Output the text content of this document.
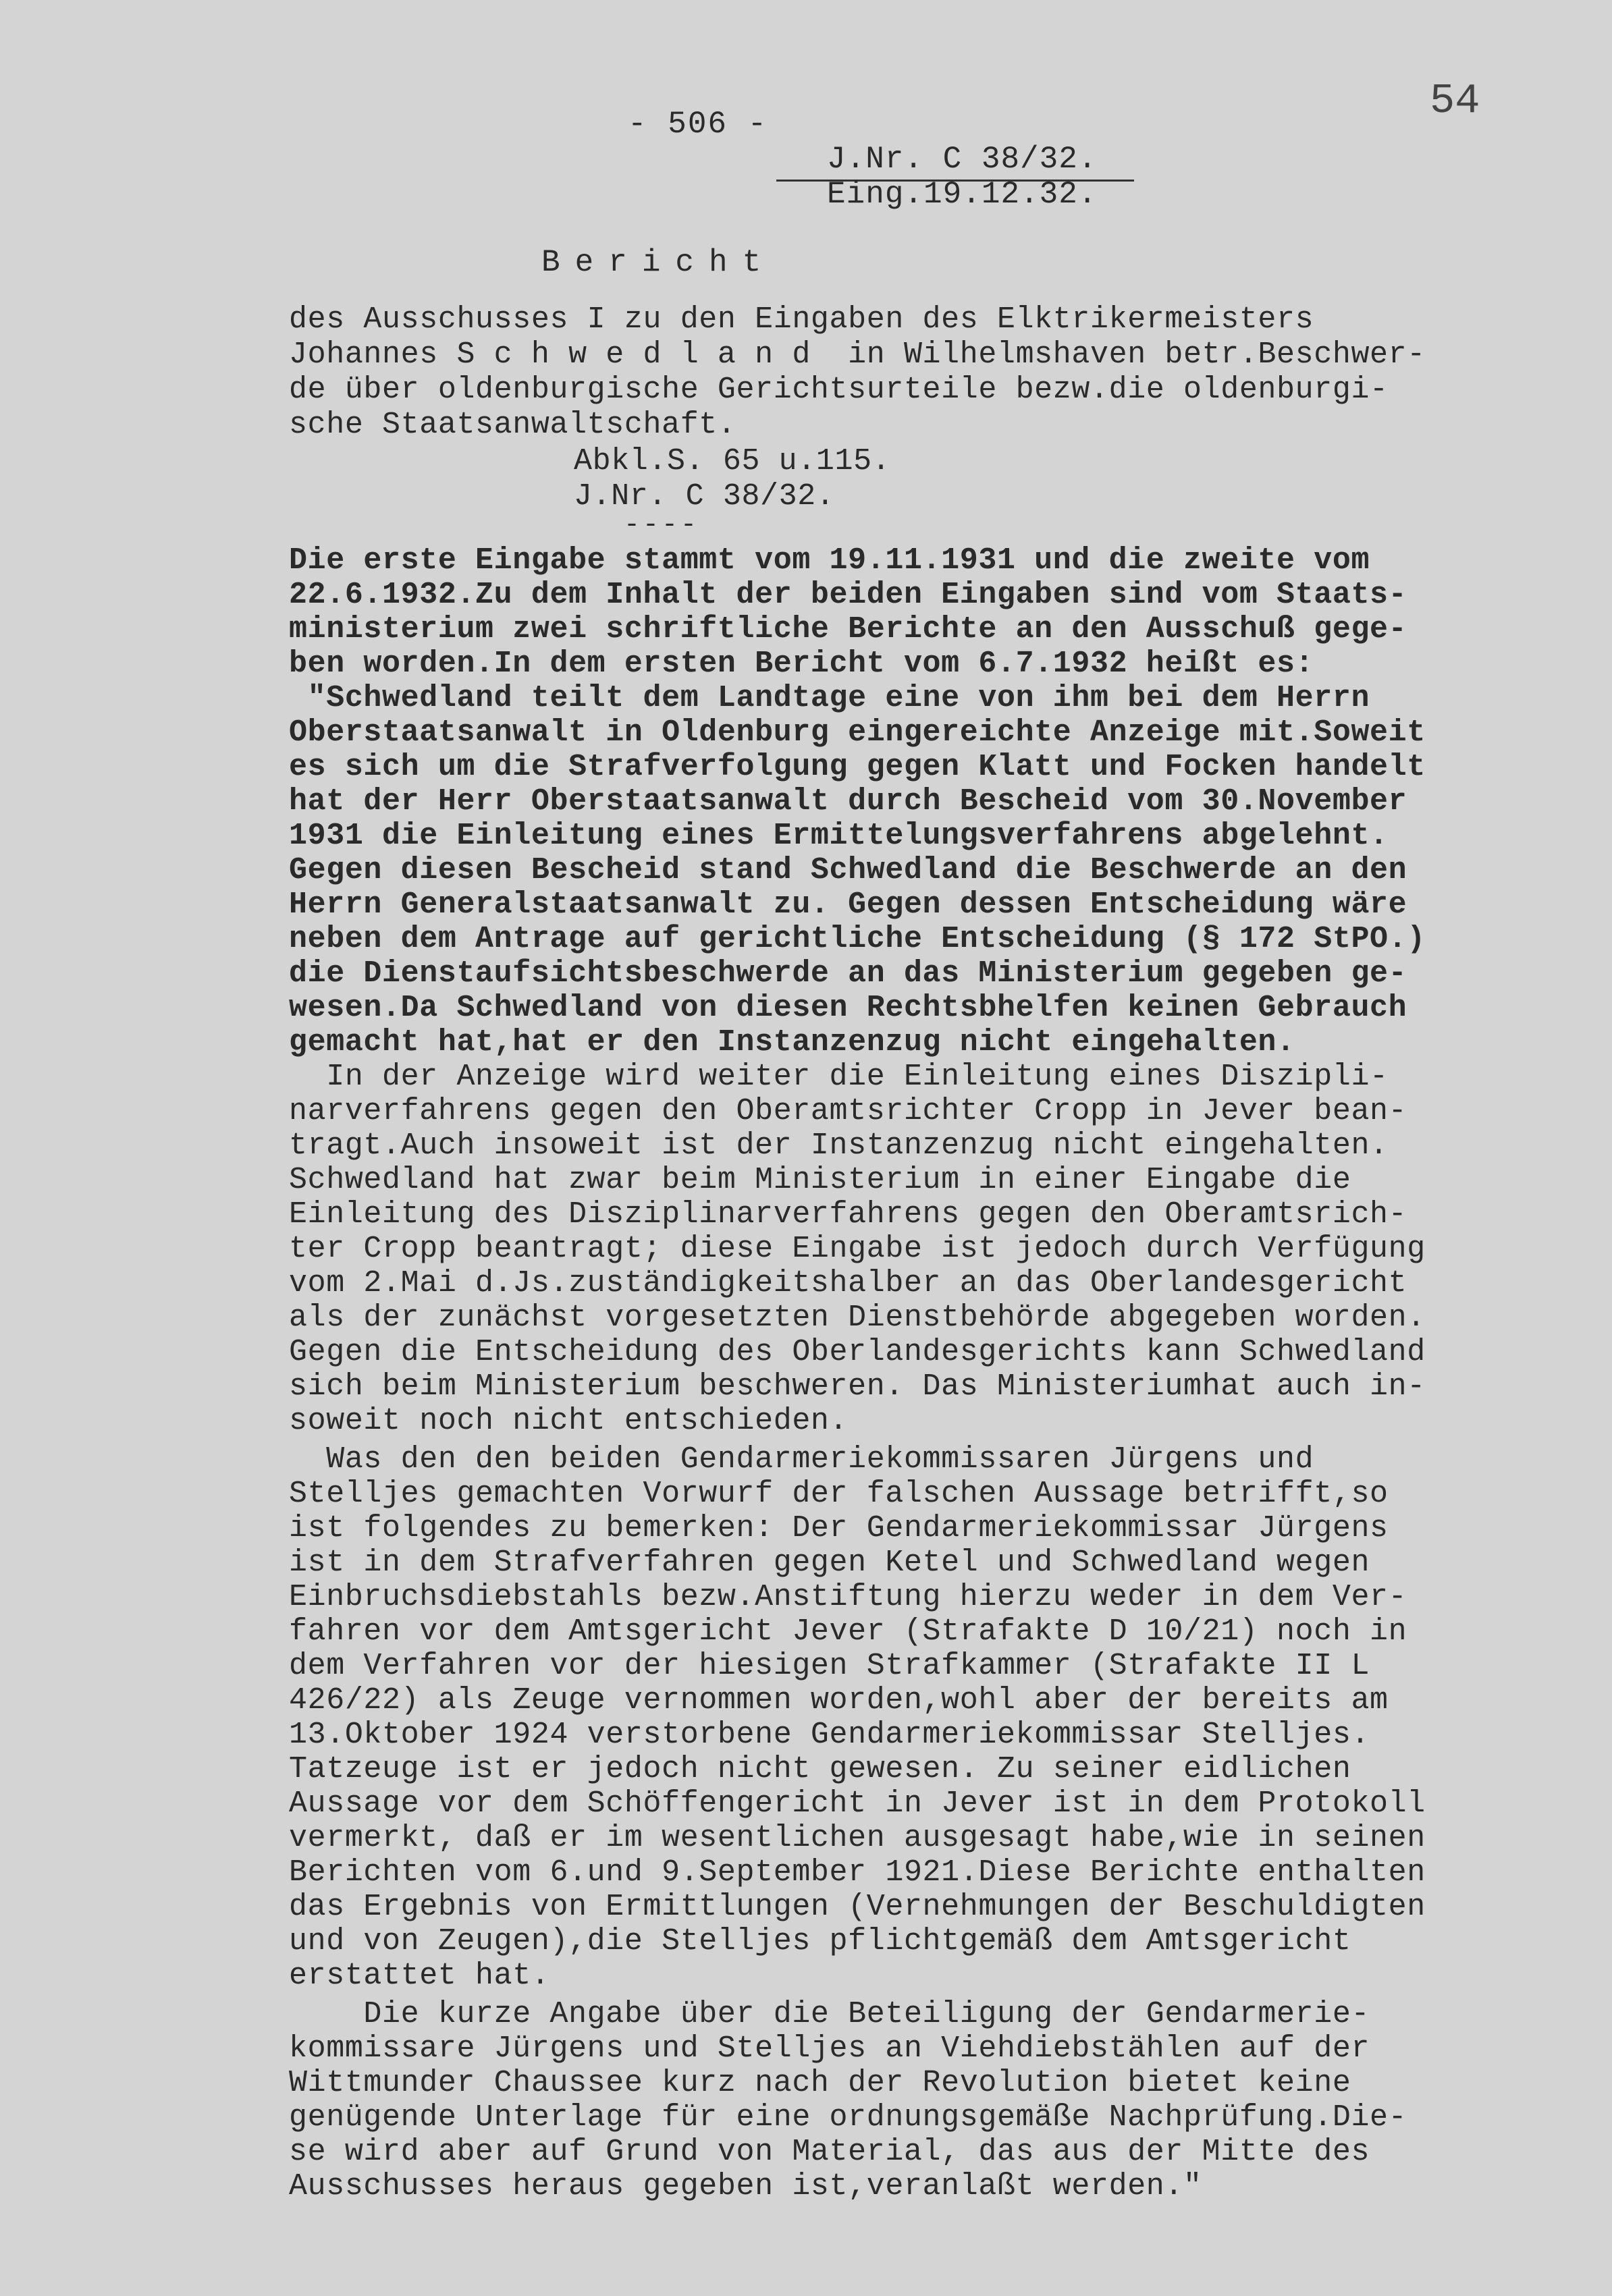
- 506 -	54
J.Nr. C 38/32.
Eing.19.12.32.
Bericht
des Ausschusses I zu den Eingaben des Elktrikermeisters
Johannes S c h w e d l a n d  in Wilhelmshaven betr.Beschwer-
de über oldenburgische Gerichtsurteile bezw.die oldenburgi-
sche Staatsanwaltschaft.
Abkl.S. 65 u.115.
J.Nr. C 38/32.
----
Die erste Eingabe stammt vom 19.11.1931 und die zweite vom
22.6.1932.Zu dem Inhalt der beiden Eingaben sind vom Staats-
ministerium zwei schriftliche Berichte an den Ausschuß gege-
ben worden.In dem ersten Bericht vom 6.7.1932 heißt es:
"Schwedland teilt dem Landtage eine von ihm bei dem Herrn
Oberstaatsanwalt in Oldenburg eingereichte Anzeige mit.Soweit
es sich um die Strafverfolgung gegen Klatt und Focken handelt
hat der Herr Oberstaatsanwalt durch Bescheid vom 30.November
1931 die Einleitung eines Ermittelungsverfahrens abgelehnt.
Gegen diesen Bescheid stand Schwedland die Beschwerde an den
Herrn Generalstaatsanwalt zu. Gegen dessen Entscheidung wäre
neben dem Antrage auf gerichtliche Entscheidung (§ 172 StPO.)
die Dienstaufsichtsbeschwerde an das Ministerium gegeben ge-
wesen.Da Schwedland von diesen Rechtsbhelfen keinen Gebrauch
gemacht hat,hat er den Instanzenzug nicht eingehalten.
In der Anzeige wird weiter die Einleitung eines Diszipli-
narverfahrens gegen den Oberamtsrichter Cropp in Jever bean-
tragt.Auch insoweit ist der Instanzenzug nicht eingehalten.
Schwedland hat zwar beim Ministerium in einer Eingabe die
Einleitung des Disziplinarverfahrens gegen den Oberamtsrich-
ter Cropp beantragt; diese Eingabe ist jedoch durch Verfügung
vom 2.Mai d.Js.zuständigkeitshalber an das Oberlandesgericht
als der zunächst vorgesetzten Dienstbehörde abgegeben worden.
Gegen die Entscheidung des Oberlandesgerichts kann Schwedland
sich beim Ministerium beschweren. Das Ministeriumhat auch in-
soweit noch nicht entschieden.
Was den den beiden Gendarmeriekommissaren Jürgens und
Stelljes gemachten Vorwurf der falschen Aussage betrifft,so
ist folgendes zu bemerken: Der Gendarmeriekommissar Jürgens
ist in dem Strafverfahren gegen Ketel und Schwedland wegen
Einbruchsdiebstahls bezw.Anstiftung hierzu weder in dem Ver-
fahren vor dem Amtsgericht Jever (Strafakte D 10/21) noch in
dem Verfahren vor der hiesigen Strafkammer (Strafakte II L
426/22) als Zeuge vernommen worden,wohl aber der bereits am
13.Oktober 1924 verstorbene Gendarmeriekommissar Stelljes.
Tatzeuge ist er jedoch nicht gewesen. Zu seiner eidlichen
Aussage vor dem Schöffengericht in Jever ist in dem Protokoll
vermerkt, daß er im wesentlichen ausgesagt habe,wie in seinen
Berichten vom 6.und 9.September 1921.Diese Berichte enthalten
das Ergebnis von Ermittlungen (Vernehmungen der Beschuldigten
und von Zeugen),die Stelljes pflichtgemäß dem Amtsgericht
erstattet hat.
Die kurze Angabe über die Beteiligung der Gendarmerie-
kommissare Jürgens und Stelljes an Viehdiebstählen auf der
Wittmunder Chaussee kurz nach der Revolution bietet keine
genügende Unterlage für eine ordnungsgemäße Nachprüfung.Die-
se wird aber auf Grund von Material, das aus der Mitte des
Ausschusses heraus gegeben ist,veranlaßt werden."
